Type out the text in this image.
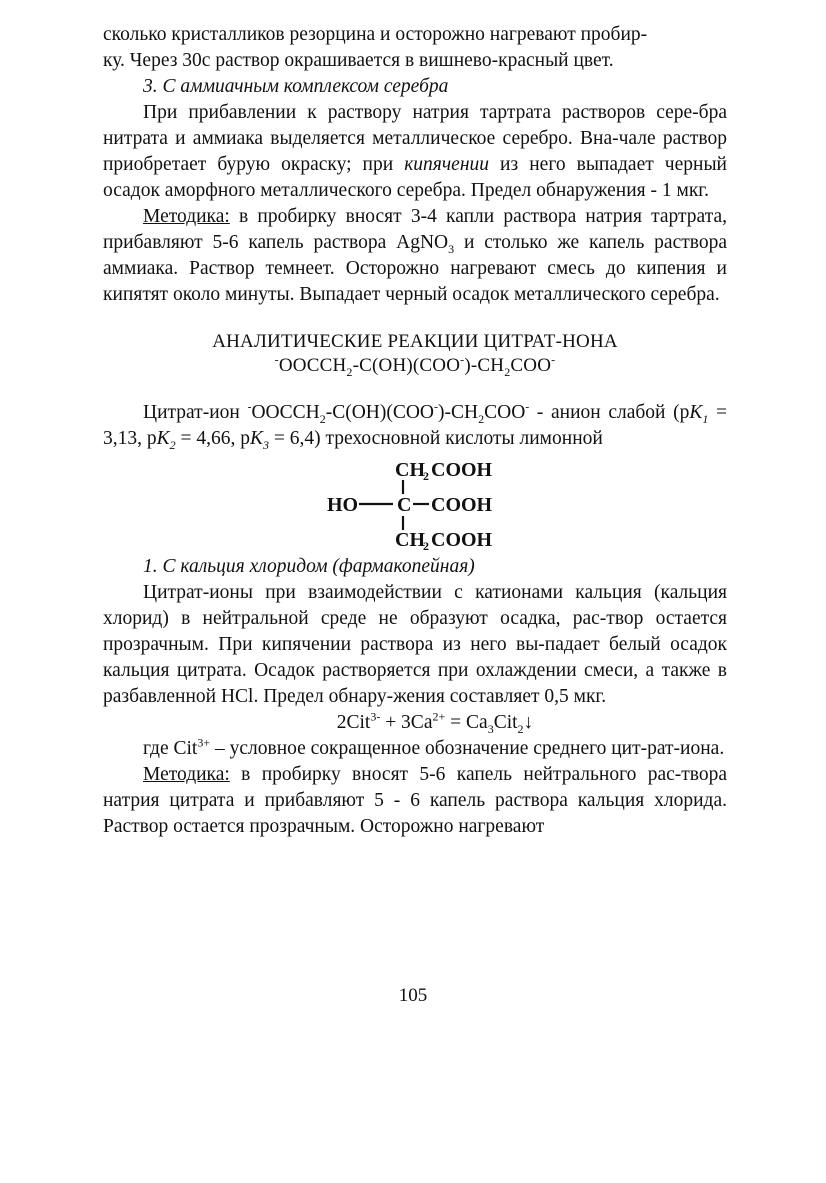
сколько кристалликов резорцина и осторожно нагревают пробир-
ку. Через 30с раствор окрашивается в вишнево-красный цвет.

3. С аммиачным комплексом серебра

При прибавлении к раствору натрия тартрата растворов сере-бра нитрата и аммиака выделяется металлическое серебро. Вна-чале раствор приобретает бурую окраску; при кипячении из него выпадает черный осадок аморфного металлического серебра. Предел обнаружения - 1 мкг.

Методика: в пробирку вносят 3-4 капли раствора натрия тартрата, прибавляют 5-6 капель раствора AgNO$_3$ и столько же капель раствора аммиака. Раствор темнеет. Осторожно нагревают смесь до кипения и кипятят около минуты. Выпадает черный осадок металлического серебра.

АНАЛИТИЧЕСКИЕ РЕАКЦИИ ЦИТРАТ-НОНА

$^-OOCCH_2-C(OH)(COO^-)-CH_2COO^-$

Цитрат-ион $^-OOCCH_2-C(OH)(COO^-)-CH_2COO^-$ - анион слабой ($pK_1 = 3,13$, $pK_2 = 4,66$, $pK_3 = 6,4$) трехосновной кислоты лимонной

CH
2 COOH
HO C COOH
CH
2 COOH

1. С кальция хлоридом (фармакопейная)

Цитрат-ионы при взаимодействии с катионами кальция (кальция хлорид) в нейтральной среде не образуют осадка, рас-твор остается прозрачным. При кипячении раствора из него вы-падает белый осадок кальция цитрата. Осадок растворяется при охлаждении смеси, а также в разбавленной HCl. Предел обнару-жения составляет 0,5 мкг.

$2Cit^{3-} + 3Ca^{2+}$ = $Ca_3Cit_2↓$

где Cit$^{3+}$ – условное сокращенное обозначение среднего цит-рат-иона.

Методика: в пробирку вносят 5-6 капель нейтрального рас-твора натрия цитрата и прибавляют 5 - 6 капель раствора кальция хлорида. Раствор остается прозрачным. Осторожно нагревают

105
